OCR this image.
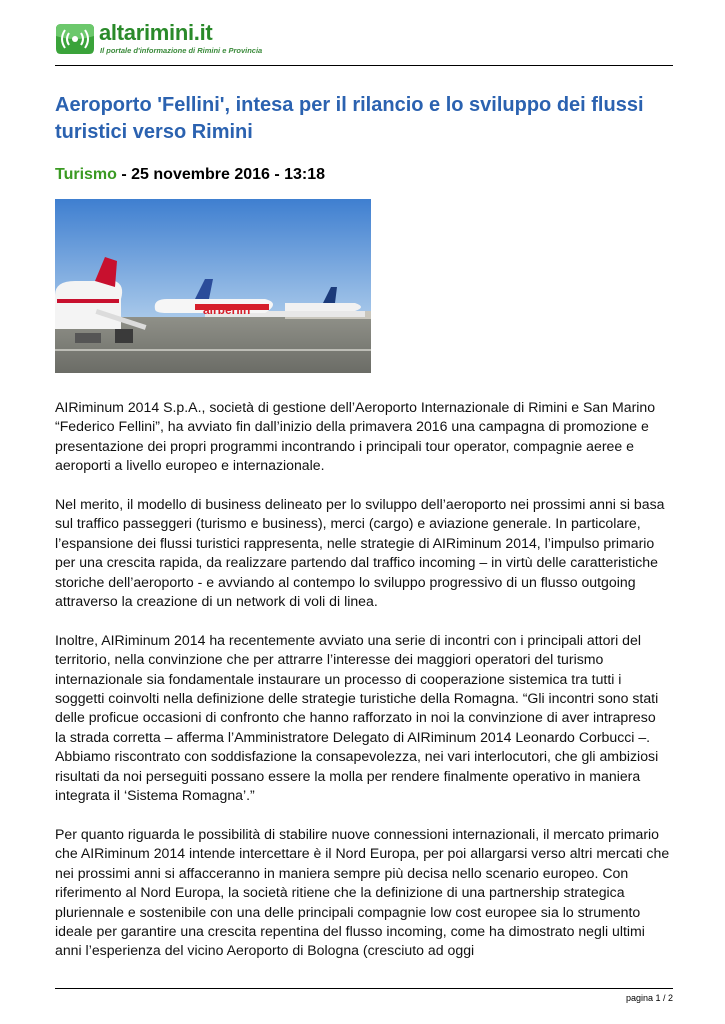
altarimini.it
Il portale d'informazione di Rimini e Provincia
Aeroporto 'Fellini', intesa per il rilancio e lo sviluppo dei flussi turistici verso Rimini
Turismo - 25 novembre 2016 - 13:18
airberlin

AIRiminum 2014 S.p.A., società di gestione dell’Aeroporto Internazionale di Rimini e San Marino “Federico Fellini”, ha avviato fin dall’inizio della primavera 2016 una campagna di promozione e presentazione dei propri programmi incontrando i principali tour operator, compagnie aeree e aeroporti a livello europeo e internazionale.

Nel merito, il modello di business delineato per lo sviluppo dell’aeroporto nei prossimi anni si basa sul traffico passeggeri (turismo e business), merci (cargo) e aviazione generale. In particolare, l’espansione dei flussi turistici rappresenta, nelle strategie di AIRiminum 2014, l’impulso primario per una crescita rapida, da realizzare partendo dal traffico incoming – in virtù delle caratteristiche storiche dell’aeroporto - e avviando al contempo lo sviluppo progressivo di un flusso outgoing attraverso la creazione di un network di voli di linea.

Inoltre, AIRiminum 2014 ha recentemente avviato una serie di incontri con i principali attori del territorio, nella convinzione che per attrarre l’interesse dei maggiori operatori del turismo internazionale sia fondamentale instaurare un processo di cooperazione sistemica tra tutti i soggetti coinvolti nella definizione delle strategie turistiche della Romagna. “Gli incontri sono stati delle proficue occasioni di confronto che hanno rafforzato in noi la convinzione di aver intrapreso la strada corretta – afferma l’Amministratore Delegato di AIRiminum 2014 Leonardo Corbucci –. Abbiamo riscontrato con soddisfazione la consapevolezza, nei vari interlocutori, che gli ambiziosi risultati da noi perseguiti possano essere la molla per rendere finalmente operativo in maniera integrata il ‘Sistema Romagna’.”

Per quanto riguarda le possibilità di stabilire nuove connessioni internazionali, il mercato primario che AIRiminum 2014 intende intercettare è il Nord Europa, per poi allargarsi verso altri mercati che nei prossimi anni si affacceranno in maniera sempre più decisa nello scenario europeo. Con riferimento al Nord Europa, la società ritiene che la definizione di una partnership strategica pluriennale e sostenibile con una delle principali compagnie low cost europee sia lo strumento ideale per garantire una crescita repentina del flusso incoming, come ha dimostrato negli ultimi anni l’esperienza del vicino Aeroporto di Bologna (cresciuto ad oggi

pagina 1 / 2
